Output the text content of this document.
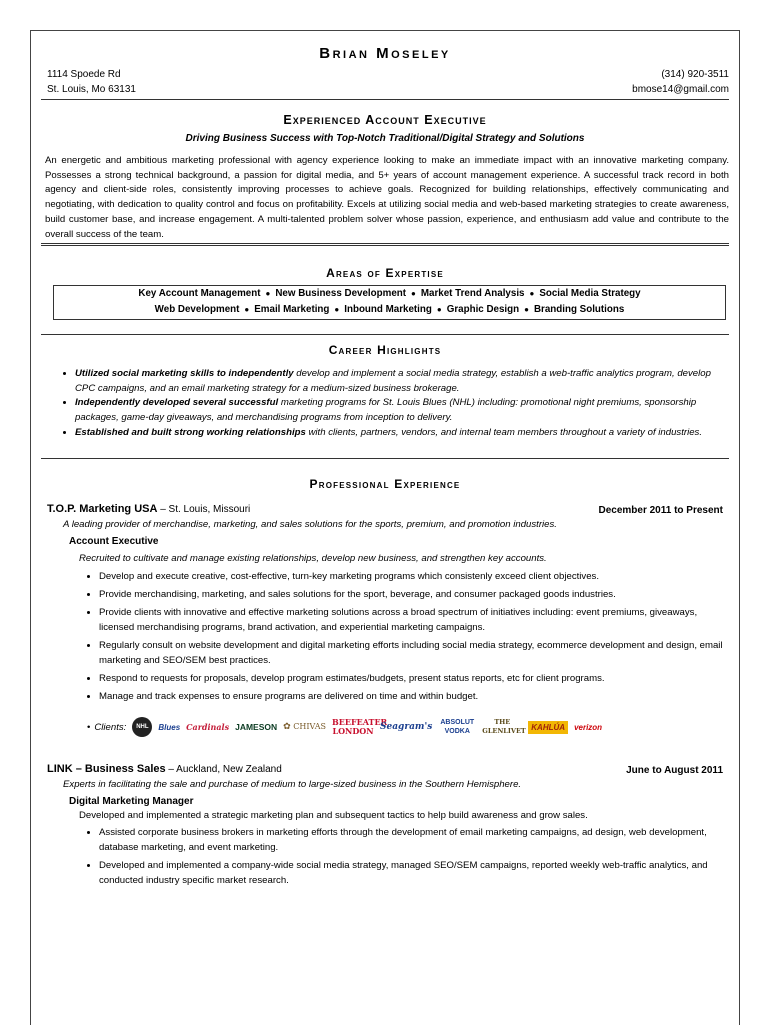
Brian Moseley
1114 Spoede Rd
St. Louis, Mo 63131
(314) 920-3511
bmose14@gmail.com
Experienced Account Executive
Driving Business Success with Top-Notch Traditional/Digital Strategy and Solutions
An energetic and ambitious marketing professional with agency experience looking to make an immediate impact with an innovative marketing company. Possesses a strong technical background, a passion for digital media, and 5+ years of account management experience. A successful track record in both agency and client-side roles, consistently improving processes to achieve goals. Recognized for building relationships, effectively communicating and negotiating, with dedication to quality control and focus on profitability. Excels at utilizing social media and web-based marketing strategies to create awareness, build customer base, and increase engagement. A multi-talented problem solver whose passion, experience, and enthusiasm add value and contribute to the overall success of the team.
Areas of Expertise
Key Account Management ● New Business Development ● Market Trend Analysis ● Social Media Strategy
Web Development ● Email Marketing ● Inbound Marketing ● Graphic Design ● Branding Solutions
Career Highlights
• Utilized social marketing skills to independently develop and implement a social media strategy, establish a web-traffic analytics program, develop CPC campaigns, and an email marketing strategy for a medium-sized business brokerage.
• Independently developed several successful marketing programs for St. Louis Blues (NHL) including: promotional night premiums, sponsorship packages, game-day giveaways, and merchandising programs from inception to delivery.
• Established and built strong working relationships with clients, partners, vendors, and internal team members throughout a variety of industries.
Professional Experience
T.O.P. Marketing USA – St. Louis, Missouri	December 2011 to Present
A leading provider of merchandise, marketing, and sales solutions for the sports, premium, and promotion industries.
Account Executive
Recruited to cultivate and manage existing relationships, develop new business, and strengthen key accounts.
• Develop and execute creative, cost-effective, turn-key marketing programs which consistenly exceed client objectives.
• Provide merchandising, marketing, and sales solutions for the sport, beverage, and consumer packaged goods industries.
• Provide clients with innovative and effective marketing solutions across a broad spectrum of initiatives including: event premiums, giveaways, licensed merchandising programs, brand activation, and experiential marketing campaigns.
• Regularly consult on website development and digital marketing efforts including social media strategy, ecommerce development and design, email marketing and SEO/SEM best practices.
• Respond to requests for proposals, develop program estimates/budgets, present status reports, etc for client programs.
• Manage and track expenses to ensure programs are delivered on time and within budget.
• Clients:	NHL	Blues Cardinals JAMESON ✿ CHIVAS BEEFEATER LONDON Seagram's ABSOLUT VODKA
THE GLENLIVET KAHLÚA	verizon
LINK – Business Sales – Auckland, New Zealand	June to August 2011
Experts in facilitating the sale and purchase of medium to large-sized business in the Southern Hemisphere.
Digital Marketing Manager
Developed and implemented a strategic marketing plan and subsequent tactics to help build awareness and grow sales.
• Assisted corporate business brokers in marketing efforts through the development of email marketing campaigns, ad design, web development, database marketing, and event marketing.
• Developed and implemented a company-wide social media strategy, managed SEO/SEM campaigns, reported weekly web-traffic analytics, and conducted industry specific market research.
